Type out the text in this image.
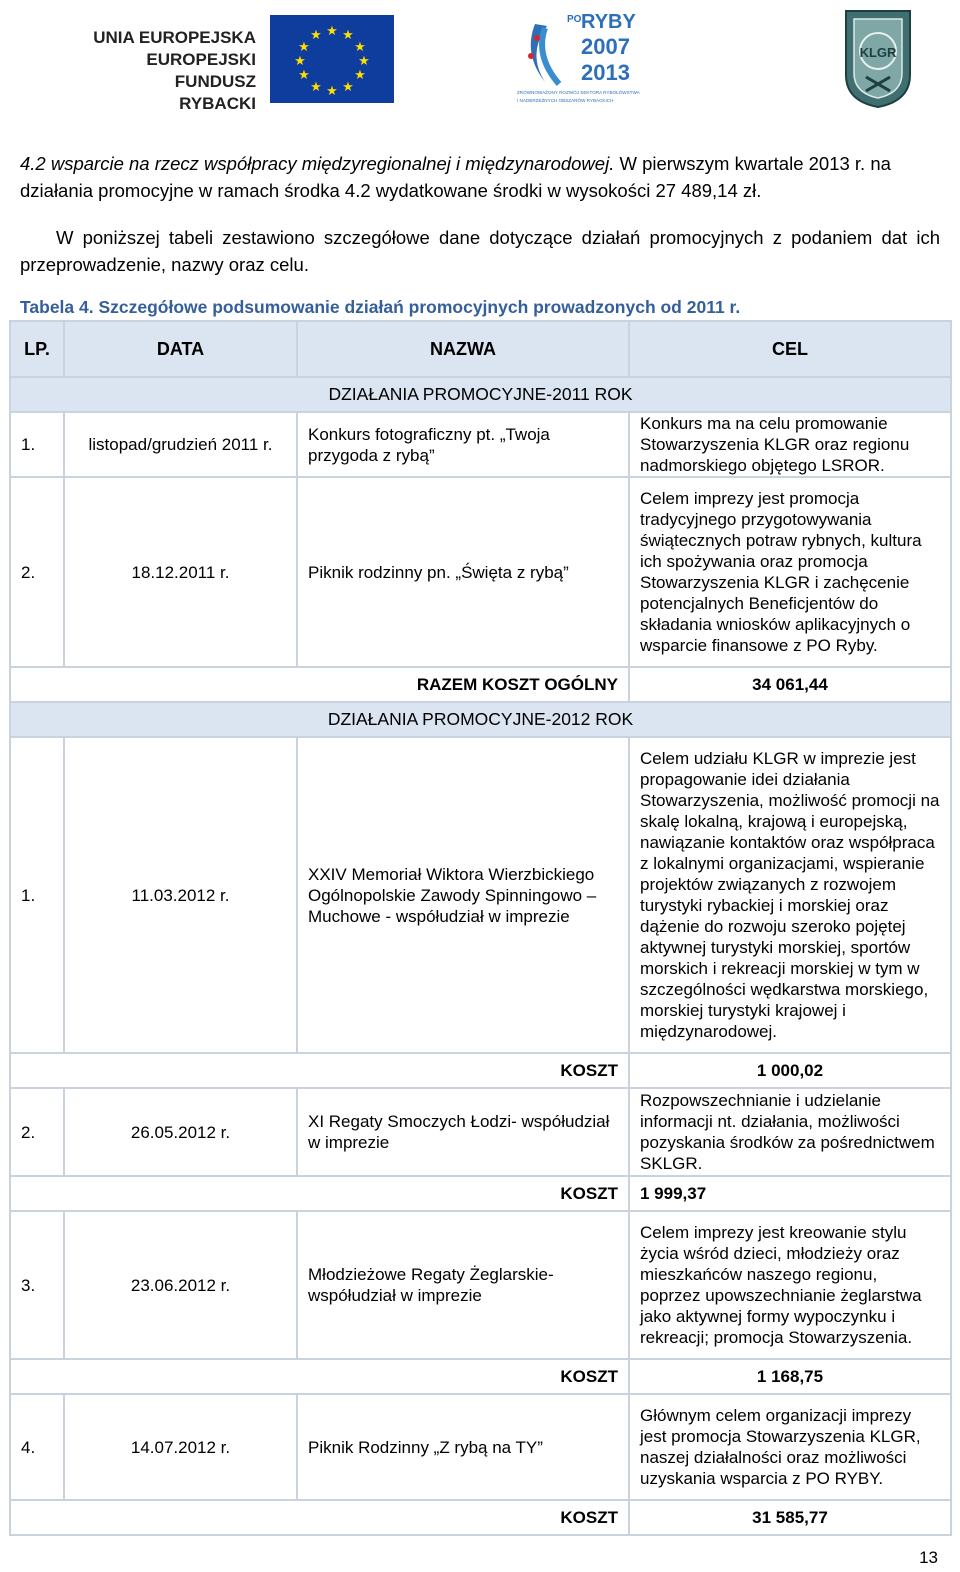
UNIA EUROPEJSKA
EUROPEJSKI FUNDUSZ
RYBACKI
★ ★
★
★
★
★
★
★
★
★
★
★
PO RYBY
2007
2013
ZRÓWNOWAŻONY ROZWÓJ SEKTORA RYBOŁÓWSTWA
I NADBRZEŻNYCH OBSZARÓW RYBACKICH
KLGR
4.2 wsparcie na rzecz współpracy międzyregionalnej i międzynarodowej. W pierwszym kwartale 2013 r. na działania promocyjne w ramach środka 4.2 wydatkowane środki w wysokości 27 489,14 zł.
W poniższej tabeli zestawiono szczegółowe dane dotyczące działań promocyjnych z podaniem dat ich przeprowadzenie, nazwy oraz celu.
Tabela 4. Szczegółowe podsumowanie działań promocyjnych prowadzonych od 2011 r.
LP.	DATA	NAZWA	CEL
DZIAŁANIA PROMOCYJNE-2011 ROK			
1.	listopad/grudzień 2011 r.	Konkurs fotograficzny pt. „Twoja przygoda z rybą”	Konkurs ma na celu promowanie Stowarzyszenia KLGR oraz regionu nadmorskiego objętego LSROR.
2.	18.12.2011 r.	Piknik rodzinny pn. „Święta z rybą”	Celem imprezy jest promocja tradycyjnego przygotowywania świątecznych potraw rybnych, kultura ich spożywania oraz promocja Stowarzyszenia KLGR i zachęcenie potencjalnych Beneficjentów do składania wniosków aplikacyjnych o wsparcie finansowe z PO Ryby.
RAZEM KOSZT OGÓLNY			34 061,44
DZIAŁANIA PROMOCYJNE-2012 ROK			
1.	11.03.2012 r.	XXIV Memoriał Wiktora Wierzbickiego Ogólnopolskie Zawody Spinningowo –Muchowe - współudział w imprezie	Celem udziału KLGR w imprezie jest propagowanie idei działania Stowarzyszenia, możliwość promocji na skalę lokalną, krajową i europejską, nawiązanie kontaktów oraz współpraca z lokalnymi organizacjami, wspieranie projektów związanych z rozwojem turystyki rybackiej i morskiej oraz dążenie do rozwoju szeroko pojętej aktywnej turystyki morskiej, sportów morskich i rekreacji morskiej w tym w szczególności wędkarstwa morskiego, morskiej turystyki krajowej i międzynarodowej.
KOSZT			1 000,02
2.	26.05.2012 r.	XI Regaty Smoczych Łodzi- współudział w imprezie	Rozpowszechnianie i udzielanie informacji nt. działania, możliwości pozyskania środków za pośrednictwem SKLGR.
KOSZT			1 999,37
3.	23.06.2012 r.	Młodzieżowe Regaty Żeglarskie- współudział w imprezie	Celem imprezy jest kreowanie stylu życia wśród dzieci, młodzieży oraz mieszkańców naszego regionu, poprzez upowszechnianie żeglarstwa jako aktywnej formy wypoczynku i rekreacji; promocja Stowarzyszenia.
KOSZT			1 168,75
4.	14.07.2012 r.	Piknik Rodzinny „Z rybą na TY”	Głównym celem organizacji imprezy jest promocja Stowarzyszenia KLGR, naszej działalności oraz możliwości uzyskania wsparcia z PO RYBY.
KOSZT			31 585,77
13
